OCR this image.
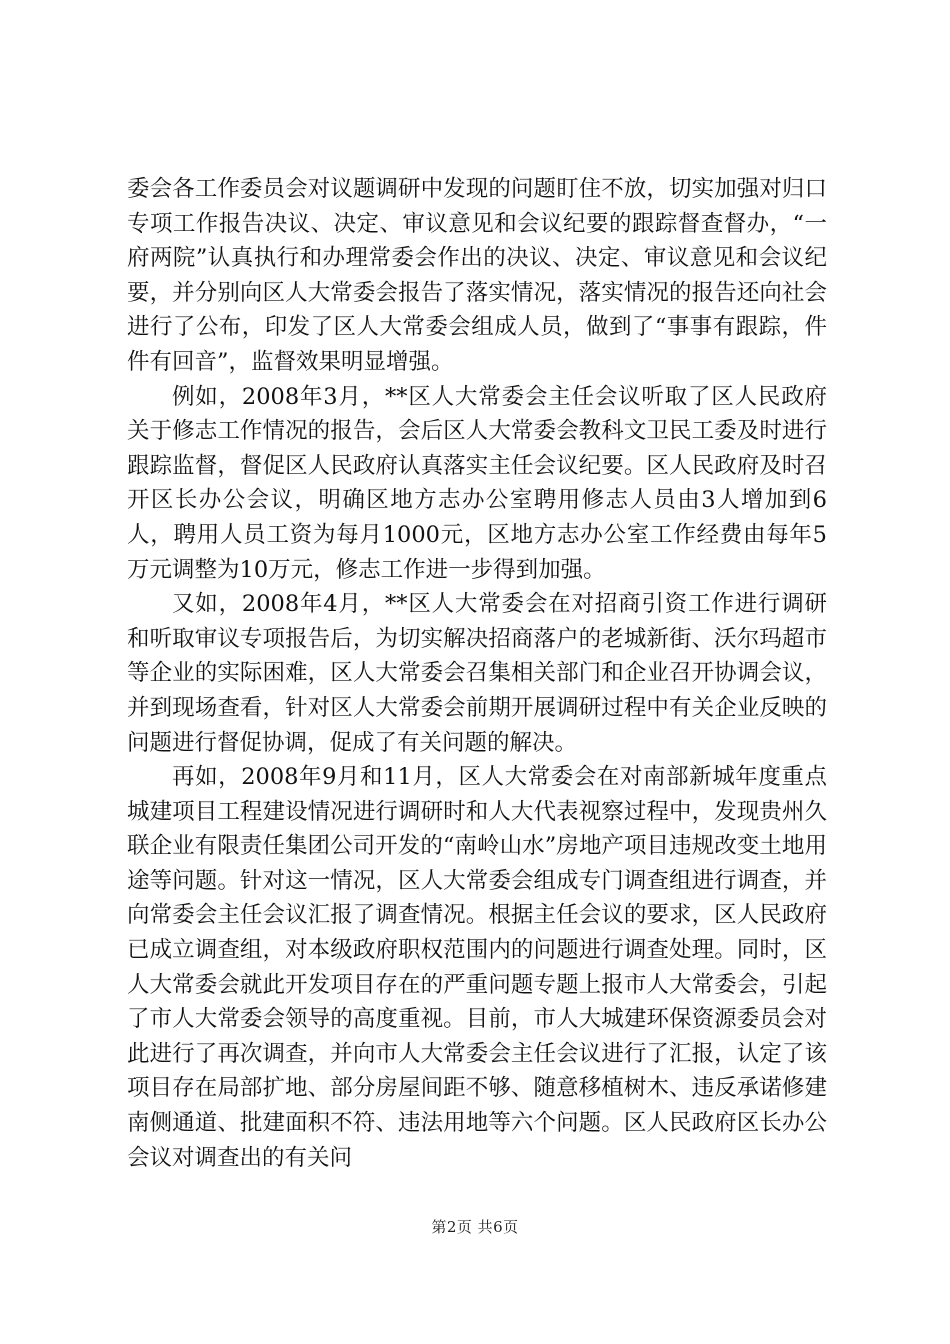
委会各工作委员会对议题调研中发现的问题盯住不放，切实加强对归口专项工作报告决议、决定、审议意见和会议纪要的跟踪督查督办，“一府两院”认真执行和办理常委会作出的决议、决定、审议意见和会议纪要，并分别向区人大常委会报告了落实情况，落实情况的报告还向社会进行了公布，印发了区人大常委会组成人员，做到了“事事有跟踪，件件有回音”，监督效果明显增强。

例如，2008年3月，**区人大常委会主任会议听取了区人民政府关于修志工作情况的报告，会后区人大常委会教科文卫民工委及时进行跟踪监督，督促区人民政府认真落实主任会议纪要。区人民政府及时召开区长办公会议，明确区地方志办公室聘用修志人员由3人增加到6人，聘用人员工资为每月1000元，区地方志办公室工作经费由每年5万元调整为10万元，修志工作进一步得到加强。

又如，2008年4月，**区人大常委会在对招商引资工作进行调研和听取审议专项报告后，为切实解决招商落户的老城新街、沃尔玛超市等企业的实际困难，区人大常委会召集相关部门和企业召开协调会议，并到现场查看，针对区人大常委会前期开展调研过程中有关企业反映的问题进行督促协调，促成了有关问题的解决。

再如，2008年9月和11月，区人大常委会在对南部新城年度重点城建项目工程建设情况进行调研时和人大代表视察过程中，发现贵州久联企业有限责任集团公司开发的“南岭山水”房地产项目违规改变土地用途等问题。针对这一情况，区人大常委会组成专门调查组进行调查，并向常委会主任会议汇报了调查情况。根据主任会议的要求，区人民政府已成立调查组，对本级政府职权范围内的问题进行调查处理。同时，区人大常委会就此开发项目存在的严重问题专题上报市人大常委会，引起了市人大常委会领导的高度重视。目前，市人大城建环保资源委员会对此进行了再次调查，并向市人大常委会主任会议进行了汇报，认定了该项目存在局部扩地、部分房屋间距不够、随意移植树木、违反承诺修建南侧通道、批建面积不符、违法用地等六个问题。区人民政府区长办公会议对调查出的有关问

第2页 共6页
